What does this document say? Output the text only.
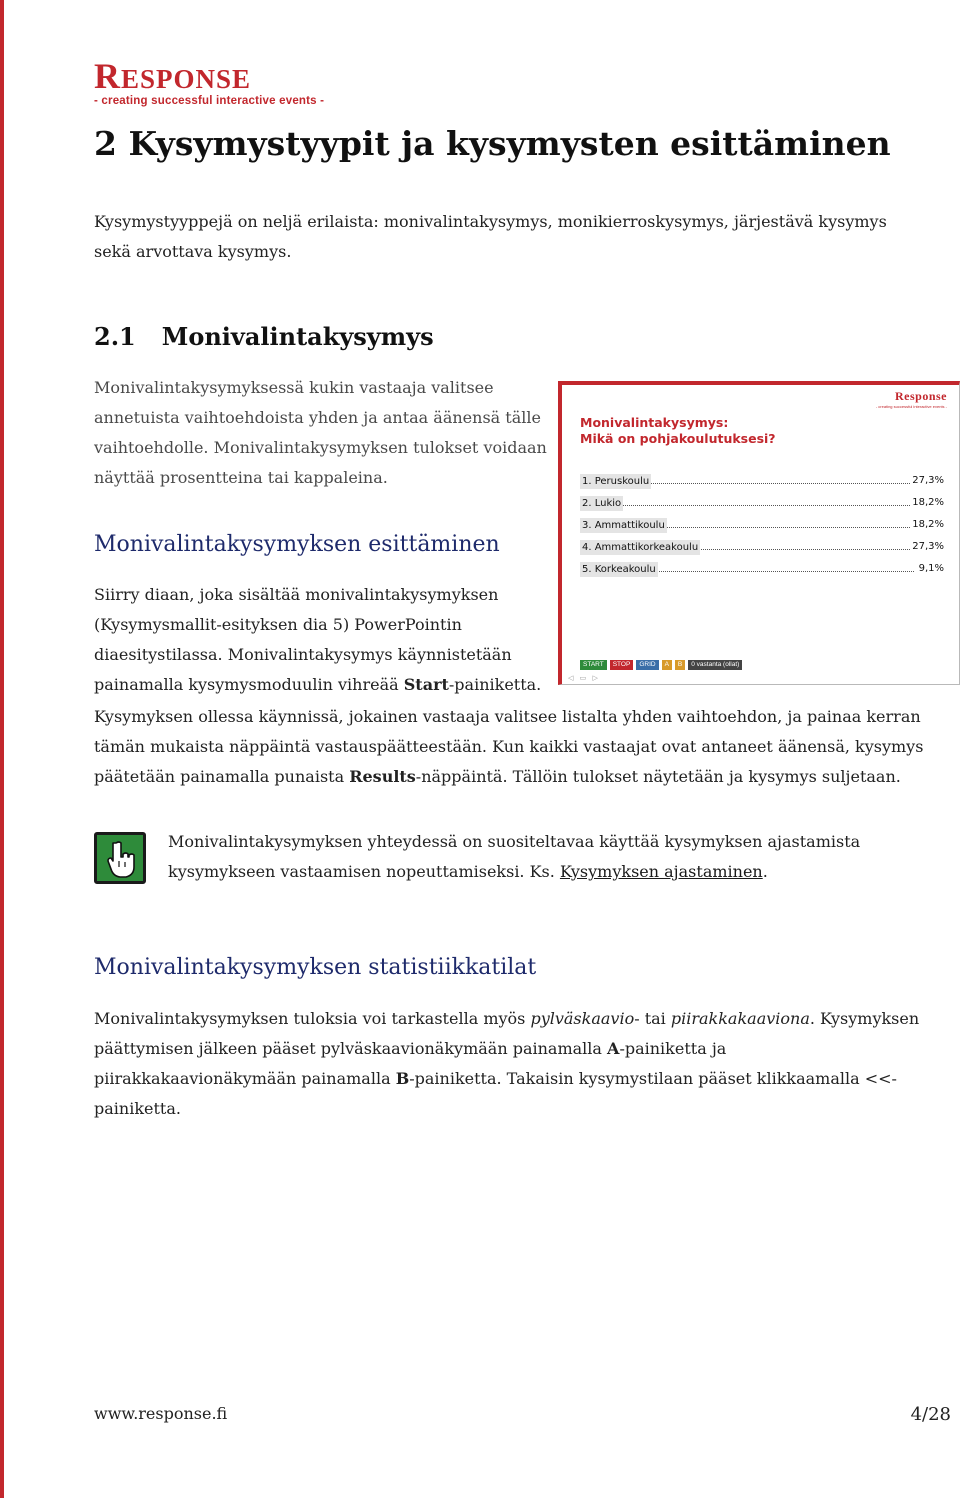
RESPONSE
- creating successful interactive events -
2 Kysymystyypit ja kysymysten esittäminen
Kysymystyyppejä on neljä erilaista: monivalintakysymys, monikierroskysymys, järjestävä kysymys sekä arvottava kysymys.
2.1 Monivalintakysymys
Monivalintakysymyksessä kukin vastaaja valitsee annetuista vaihtoehdoista yhden ja antaa äänensä tälle vaihtoehdolle. Monivalintakysymyksen tulokset voidaan näyttää prosentteina tai kappaleina.
Response
- creating successful interactive events -
Monivalintakysymys:
Mikä on pohjakoulutuksesi?
1. Peruskoulu	27,3%
2. Lukio	18,2%
3. Ammattikoulu	18,2%
4. Ammattikorkeakoulu	27,3%
5. Korkeakoulu	9,1%
START	STOP	GRID	A	B	0 vastanta (ollat)
◁ ▭ ▷
Monivalintakysymyksen esittäminen
Siirry diaan, joka sisältää monivalintakysymyksen (Kysymysmallit-esityksen dia 5) PowerPointin diaesitystilassa. Monivalintakysymys käynnistetään painamalla kysymysmoduulin vihreää Start-painiketta.
Kysymyksen ollessa käynnissä, jokainen vastaaja valitsee listalta yhden vaihtoehdon, ja painaa kerran tämän mukaista näppäintä vastauspäätteestään. Kun kaikki vastaajat ovat antaneet äänensä, kysymys päätetään painamalla punaista Results-näppäintä. Tällöin tulokset näytetään ja kysymys suljetaan.
Monivalintakysymyksen yhteydessä on suositeltavaa käyttää kysymyksen ajastamista kysymykseen vastaamisen nopeuttamiseksi. Ks. Kysymyksen ajastaminen.
Monivalintakysymyksen statistiikkatilat
Monivalintakysymyksen tuloksia voi tarkastella myös pylväskaavio- tai piirakkakaaviona. Kysymyksen päättymisen jälkeen pääset pylväskaavionäkymään painamalla A-painiketta ja piirakkakaavionäkymään painamalla B-painiketta. Takaisin kysymystilaan pääset klikkaamalla <<-painiketta.
www.response.fi	4/28
